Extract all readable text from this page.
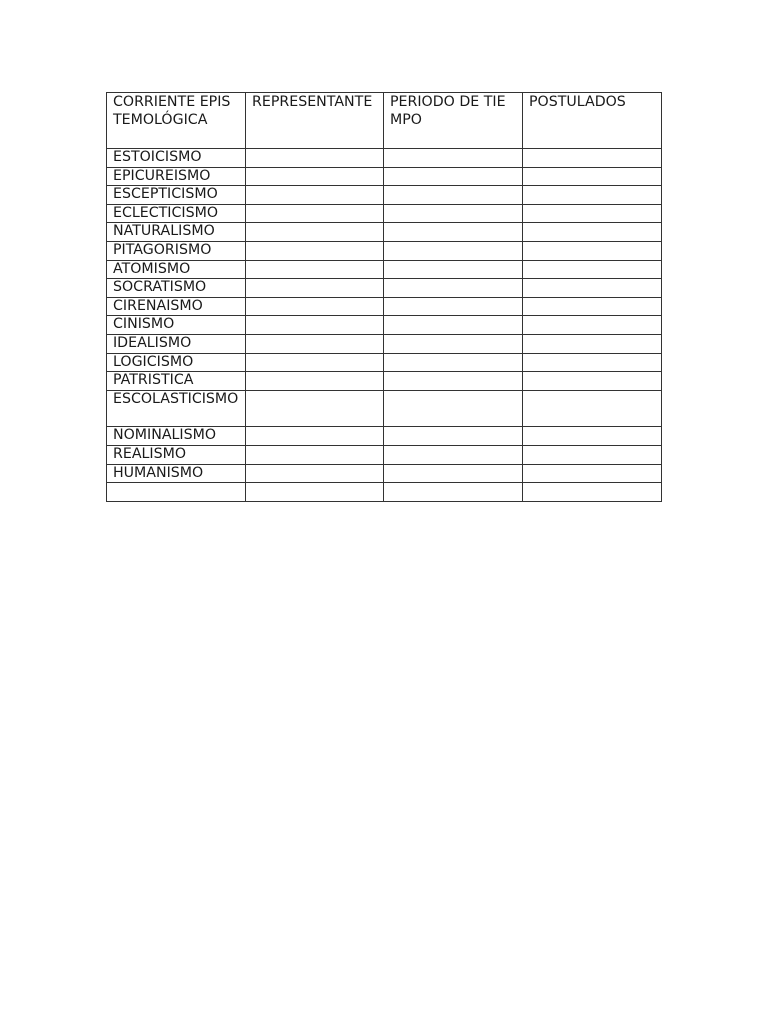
CORRIENTE EPISTEMOLÓGICA	REPRESENTANTE	PERIODO DE TIEMPO	POSTULADOS
ESTOICISMO			
EPICUREISMO			
ESCEPTICISMO			
ECLECTICISMO			
NATURALISMO			
PITAGORISMO			
ATOMISMO			
SOCRATISMO			
CIRENAISMO			
CINISMO			
IDEALISMO			
LOGICISMO			
PATRISTICA			
ESCOLASTICISMO			
NOMINALISMO			
REALISMO			
HUMANISMO			
